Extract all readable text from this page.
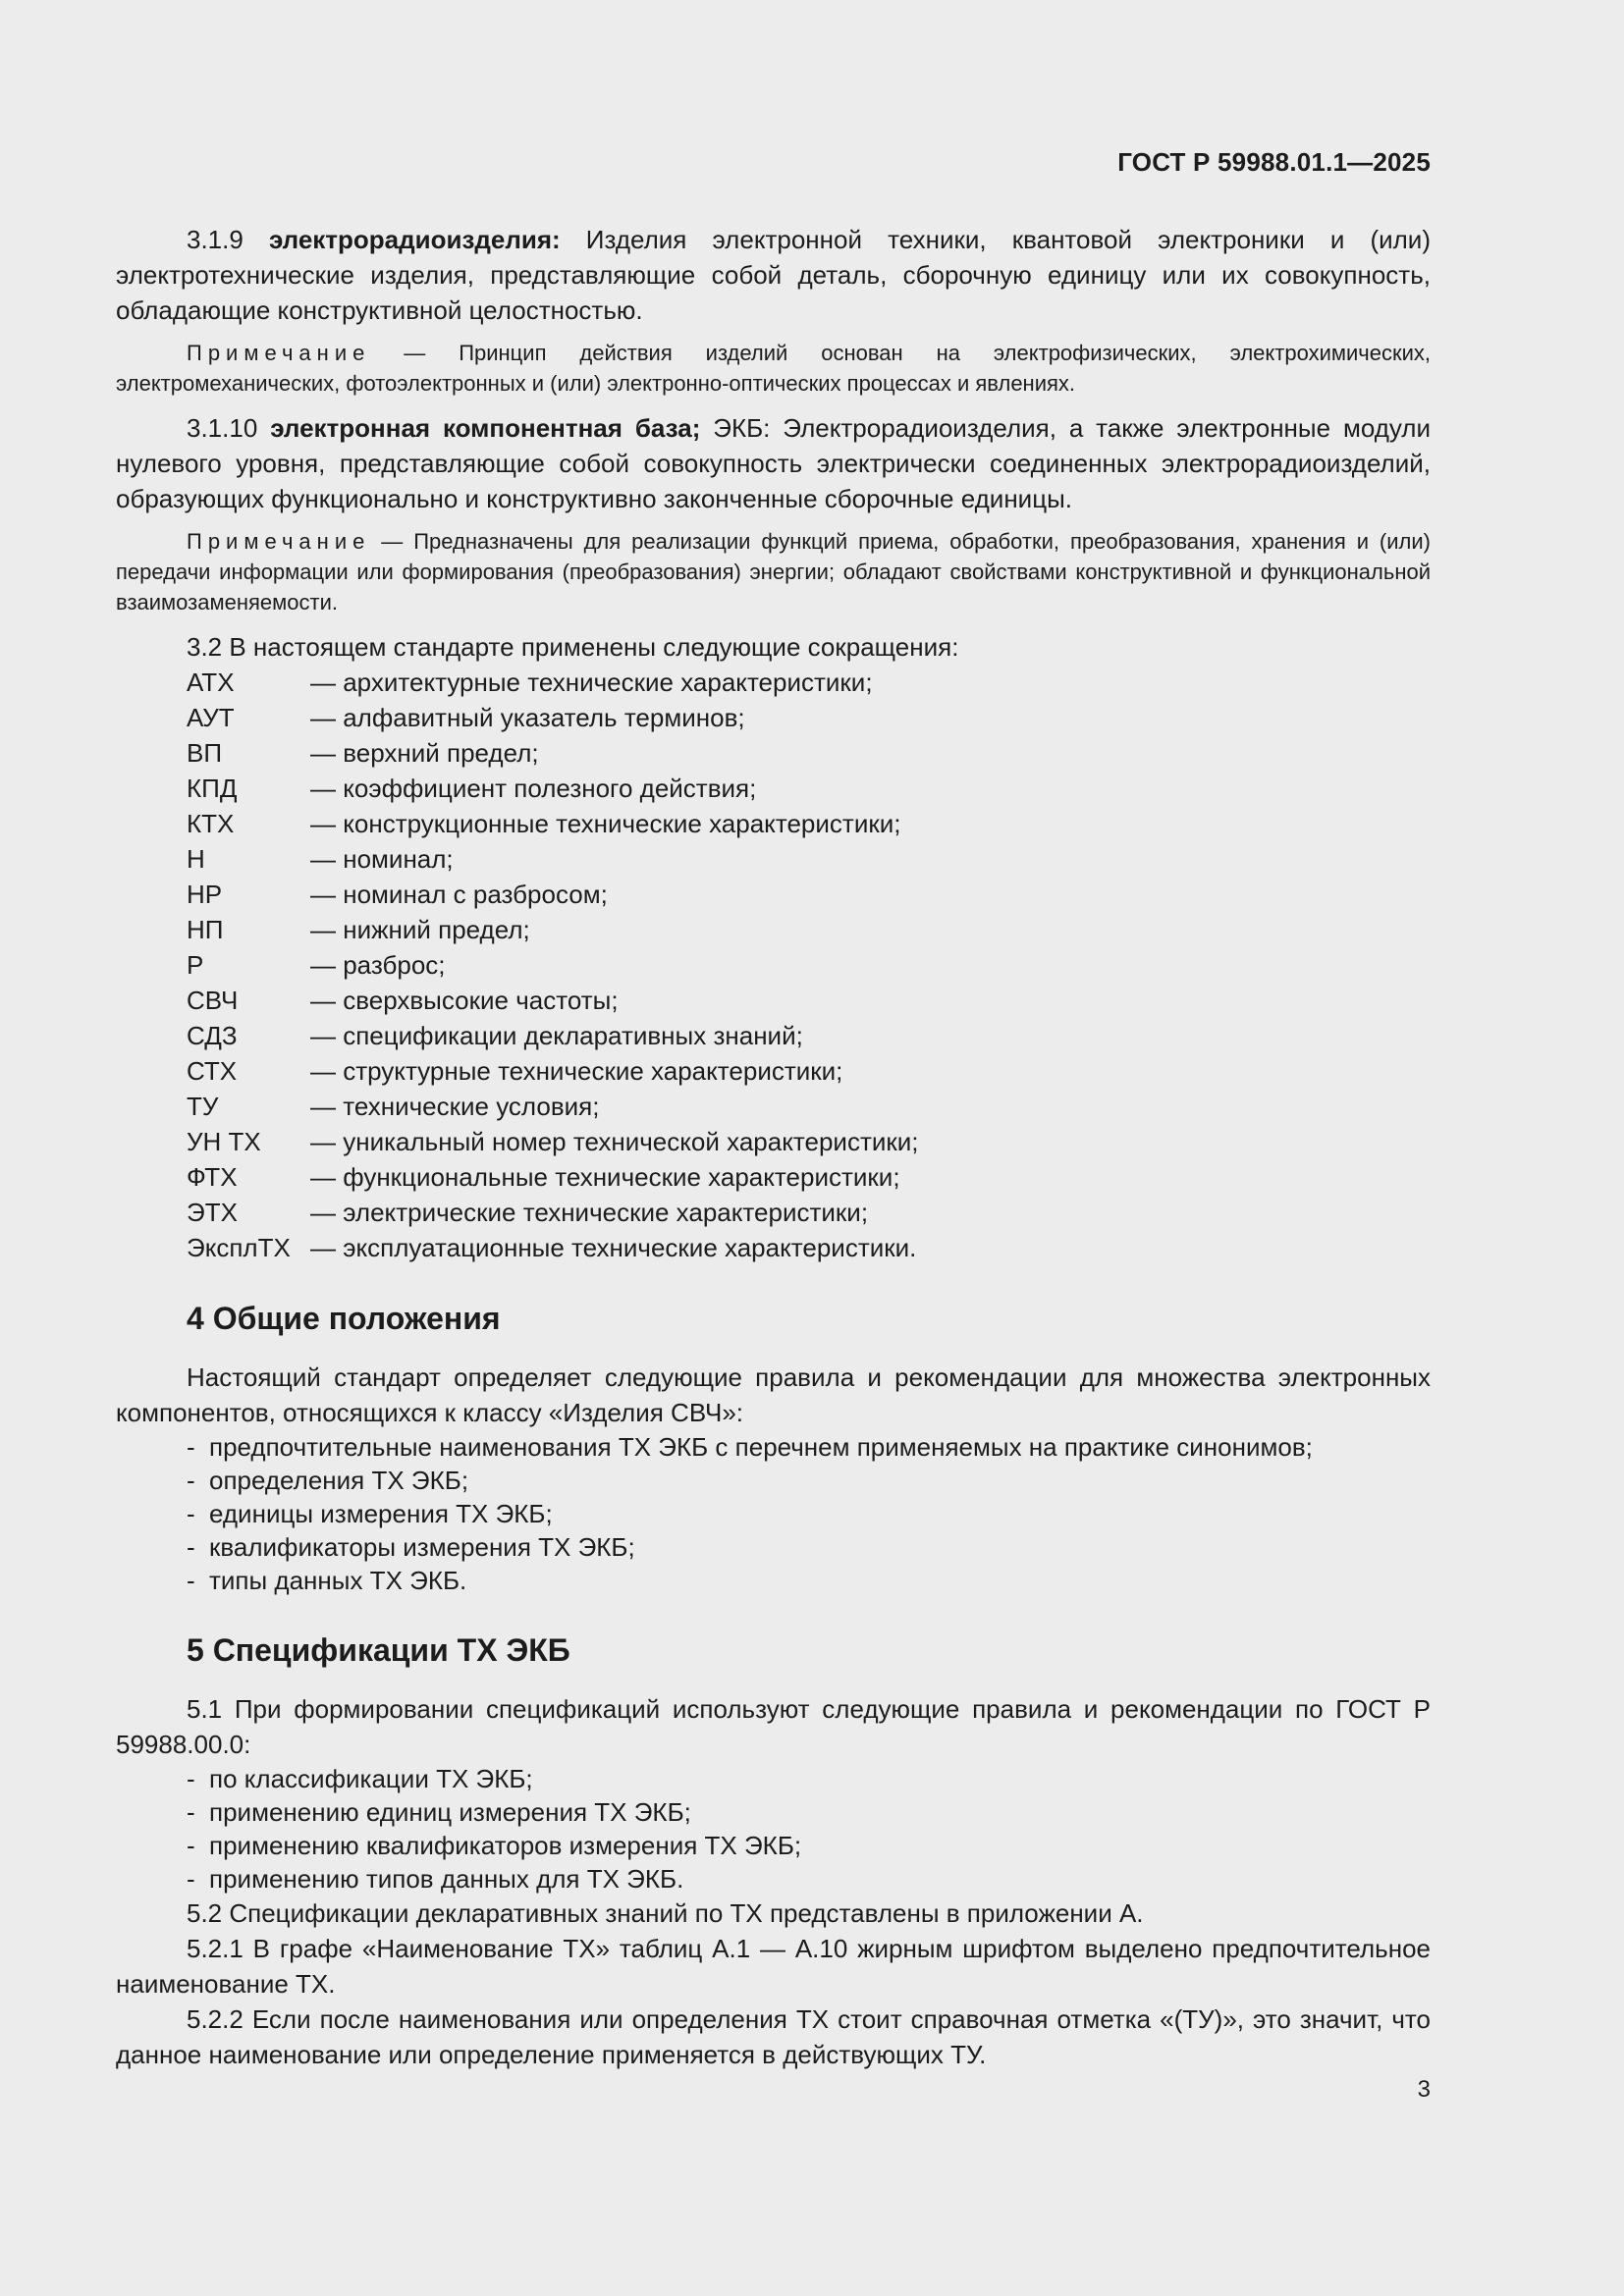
ГОСТ Р 59988.01.1—2025

3.1.9 электрорадиоизделия: Изделия электронной техники, квантовой электроники и (или) электротехнические изделия, представляющие собой деталь, сборочную единицу или их совокупность, обладающие конструктивной целостностью.

Примечание — Принцип действия изделий основан на электрофизических, электрохимических, электромеханических, фотоэлектронных и (или) электронно-оптических процессах и явлениях.

3.1.10 электронная компонентная база; ЭКБ: Электрорадиоизделия, а также электронные модули нулевого уровня, представляющие собой совокупность электрически соединенных электрорадиоизделий, образующих функционально и конструктивно законченные сборочные единицы.

Примечание — Предназначены для реализации функций приема, обработки, преобразования, хранения и (или) передачи информации или формирования (преобразования) энергии; обладают свойствами конструктивной и функциональной взаимозаменяемости.

3.2 В настоящем стандарте применены следующие сокращения:

АТХ	— архитектурные технические характеристики;
АУТ	— алфавитный указатель терминов;
ВП	— верхний предел;
КПД	— коэффициент полезного действия;
КТХ	— конструкционные технические характеристики;
Н	— номинал;
НР	— номинал с разбросом;
НП	— нижний предел;
Р	— разброс;
СВЧ	— сверхвысокие частоты;
СДЗ	— спецификации декларативных знаний;
СТХ	— структурные технические характеристики;
ТУ	— технические условия;
УН ТХ	— уникальный номер технической характеристики;
ФТХ	— функциональные технические характеристики;
ЭТХ	— электрические технические характеристики;
ЭксплТХ — эксплуатационные технические характеристики.
4 Общие положения

Настоящий стандарт определяет следующие правила и рекомендации для множества электронных компонентов, относящихся к классу «Изделия СВЧ»:

- предпочтительные наименования ТХ ЭКБ с перечнем применяемых на практике синонимов;
- определения ТХ ЭКБ;
- единицы измерения ТХ ЭКБ;
- квалификаторы измерения ТХ ЭКБ;
- типы данных ТХ ЭКБ.
5 Спецификации ТХ ЭКБ

5.1 При формировании спецификаций используют следующие правила и рекомендации по ГОСТ Р 59988.00.0:

- по классификации ТХ ЭКБ;
- применению единиц измерения ТХ ЭКБ;
- применению квалификаторов измерения ТХ ЭКБ;
- применению типов данных для ТХ ЭКБ.

5.2 Спецификации декларативных знаний по ТХ представлены в приложении А.

5.2.1 В графе «Наименование ТХ» таблиц А.1 — А.10 жирным шрифтом выделено предпочтительное наименование ТХ.

5.2.2 Если после наименования или определения ТХ стоит справочная отметка «(ТУ)», это значит, что данное наименование или определение применяется в действующих ТУ.

3
